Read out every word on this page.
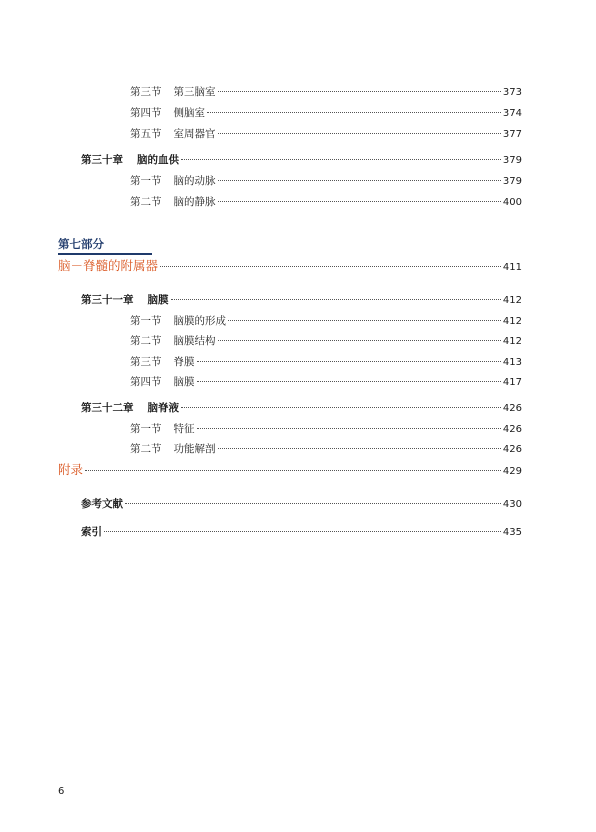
第三节 第三脑室	373
第四节 侧脑室	374
第五节 室周器官	377
第三十章 脑的血供	379
第一节 脑的动脉	379
第二节 脑的静脉	400
第七部分
脑－脊髓的附属器	411
第三十一章 脑膜	412
第一节 脑膜的形成	412
第二节 脑膜结构	412
第三节 脊膜	413
第四节 脑膜	417
第三十二章 脑脊液	426
第一节 特征	426
第二节 功能解剖	426
附录	429
参考文献	430
索引	435
6
